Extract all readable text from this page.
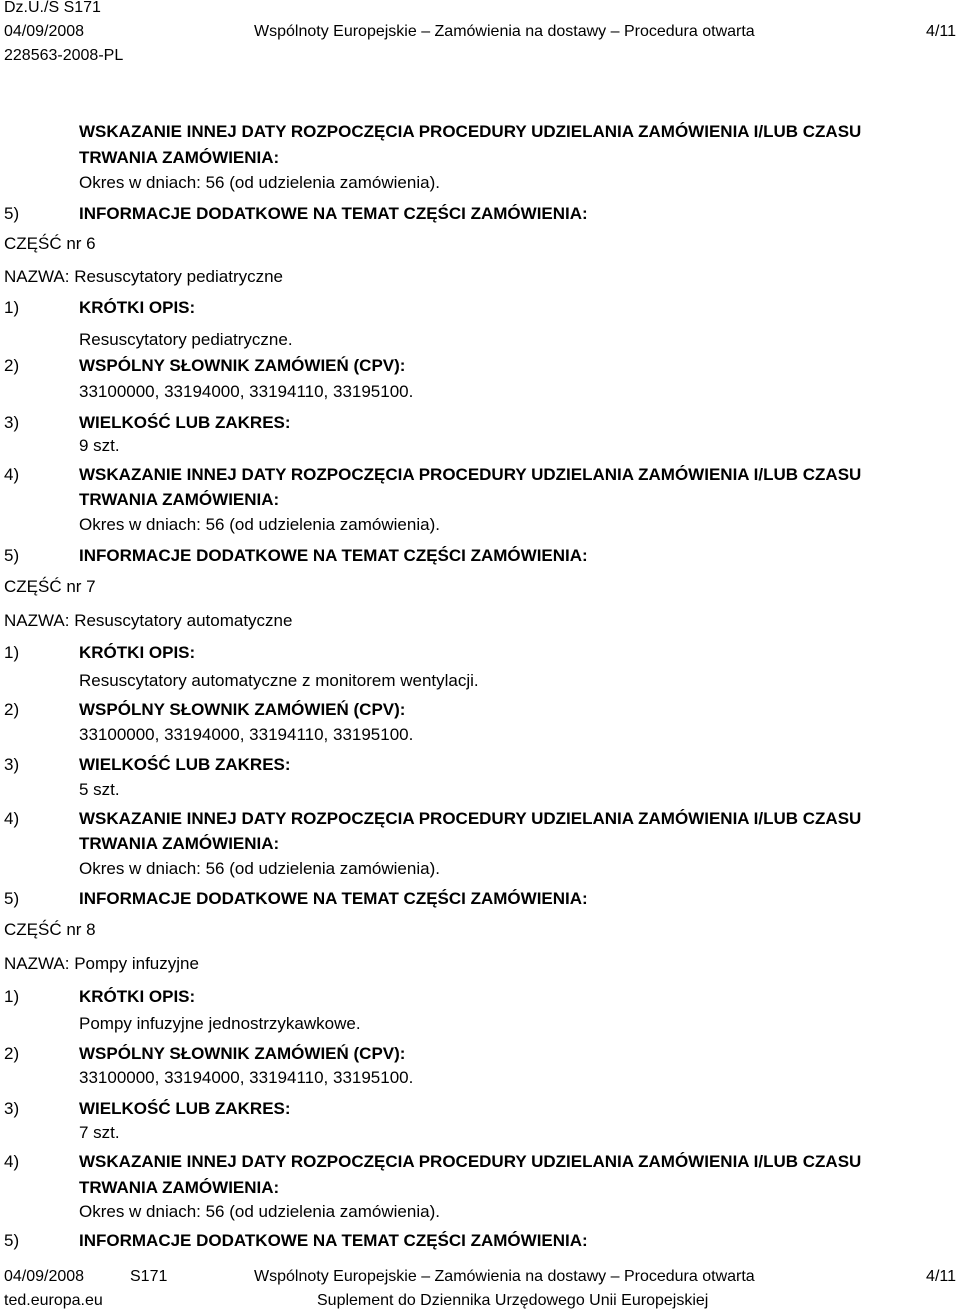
Dz.U./S S171
04/09/2008	Wspólnoty Europejskie – Zamówienia na dostawy – Procedura otwarta	4/11
228563-2008-PL
WSKAZANIE INNEJ DATY ROZPOCZĘCIA PROCEDURY UDZIELANIA ZAMÓWIENIA I/LUB CZASU
TRWANIA ZAMÓWIENIA:
Okres w dniach: 56 (od udzielenia zamówienia).
5)	INFORMACJE DODATKOWE NA TEMAT CZĘŚCI ZAMÓWIENIA:
CZĘŚĆ nr 6
NAZWA: Resuscytatory pediatryczne
1)	KRÓTKI OPIS:
Resuscytatory pediatryczne.
2)	WSPÓLNY SŁOWNIK ZAMÓWIEŃ (CPV):
33100000, 33194000, 33194110, 33195100.
3)	WIELKOŚĆ LUB ZAKRES:
9 szt.
4)	WSKAZANIE INNEJ DATY ROZPOCZĘCIA PROCEDURY UDZIELANIA ZAMÓWIENIA I/LUB CZASU
TRWANIA ZAMÓWIENIA:
Okres w dniach: 56 (od udzielenia zamówienia).
5)	INFORMACJE DODATKOWE NA TEMAT CZĘŚCI ZAMÓWIENIA:
CZĘŚĆ nr 7
NAZWA: Resuscytatory automatyczne
1)	KRÓTKI OPIS:
Resuscytatory automatyczne z monitorem wentylacji.
2)	WSPÓLNY SŁOWNIK ZAMÓWIEŃ (CPV):
33100000, 33194000, 33194110, 33195100.
3)	WIELKOŚĆ LUB ZAKRES:
5 szt.
4)	WSKAZANIE INNEJ DATY ROZPOCZĘCIA PROCEDURY UDZIELANIA ZAMÓWIENIA I/LUB CZASU
TRWANIA ZAMÓWIENIA:
Okres w dniach: 56 (od udzielenia zamówienia).
5)	INFORMACJE DODATKOWE NA TEMAT CZĘŚCI ZAMÓWIENIA:
CZĘŚĆ nr 8
NAZWA: Pompy infuzyjne
1)	KRÓTKI OPIS:
Pompy infuzyjne jednostrzykawkowe.
2)	WSPÓLNY SŁOWNIK ZAMÓWIEŃ (CPV):
33100000, 33194000, 33194110, 33195100.
3)	WIELKOŚĆ LUB ZAKRES:
7 szt.
4)	WSKAZANIE INNEJ DATY ROZPOCZĘCIA PROCEDURY UDZIELANIA ZAMÓWIENIA I/LUB CZASU
TRWANIA ZAMÓWIENIA:
Okres w dniach: 56 (od udzielenia zamówienia).
5)	INFORMACJE DODATKOWE NA TEMAT CZĘŚCI ZAMÓWIENIA:
04/09/2008	S171	Wspólnoty Europejskie – Zamówienia na dostawy – Procedura otwarta	4/11
ted.europa.eu	Suplement do Dziennika Urzędowego Unii Europejskiej
